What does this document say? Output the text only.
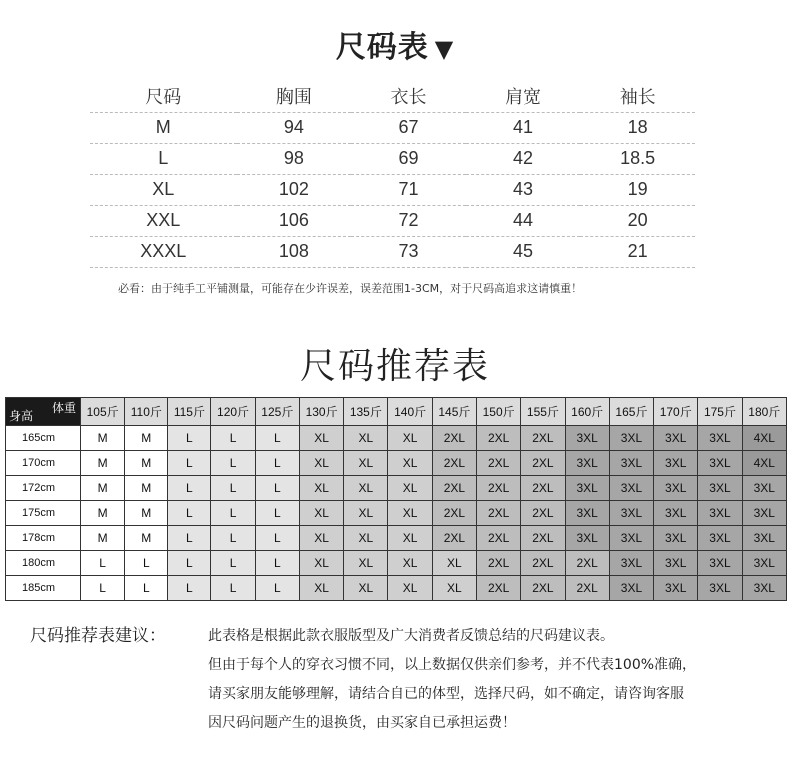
尺码表 ▼
尺码	胸围	衣长	肩宽	袖长
M	94	67	41	18
L	98	69	42	18.5
XL	102	71	43	19
XXL	106	72	44	20
XXXL	108	73	45	21
必看：由于纯手工平铺测量，可能存在少许误差，误差范围1-3CM，对于尺码高追求这请慎重！
尺码推荐表
体重
身高	105斤	110斤	115斤	120斤	125斤	130斤	135斤	140斤	145斤	150斤	155斤	160斤	165斤	170斤	175斤	180斤
165cm	M	M	L	L	L	XL	XL	XL	2XL	2XL	2XL	3XL	3XL	3XL	3XL	4XL
170cm	M	M	L	L	L	XL	XL	XL	2XL	2XL	2XL	3XL	3XL	3XL	3XL	4XL
172cm	M	M	L	L	L	XL	XL	XL	2XL	2XL	2XL	3XL	3XL	3XL	3XL	3XL
175cm	M	M	L	L	L	XL	XL	XL	2XL	2XL	2XL	3XL	3XL	3XL	3XL	3XL
178cm	M	M	L	L	L	XL	XL	XL	2XL	2XL	2XL	3XL	3XL	3XL	3XL	3XL
180cm	L	L	L	L	L	XL	XL	XL	XL	2XL	2XL	2XL	3XL	3XL	3XL	3XL
185cm	L	L	L	L	L	XL	XL	XL	XL	2XL	2XL	2XL	3XL	3XL	3XL	3XL
尺码推荐表建议：	此表格是根据此款衣服版型及广大消费者反馈总结的尺码建议表。
但由于每个人的穿衣习惯不同，以上数据仅供亲们参考，并不代表100%准确，
请买家朋友能够理解，请结合自已的体型，选择尺码，如不确定，请咨询客服
因尺码问题产生的退换货，由买家自已承担运费！
